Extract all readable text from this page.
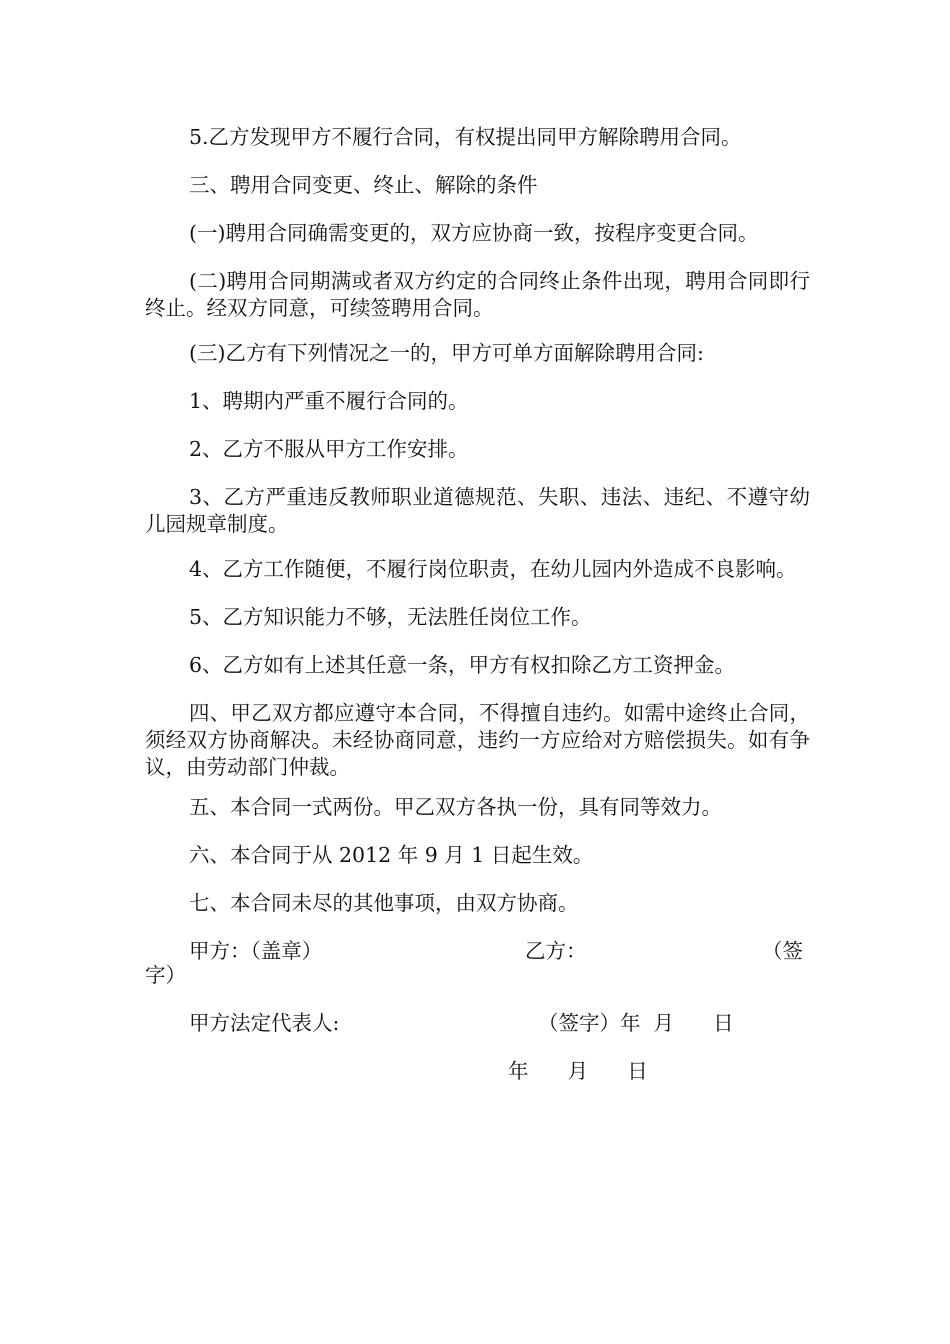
5.乙方发现甲方不履行合同，有权提出同甲方解除聘用合同。
三、聘用合同变更、终止、解除的条件
(一)聘用合同确需变更的，双方应协商一致，按程序变更合同。
(二)聘用合同期满或者双方约定的合同终止条件出现，聘用合同即行终止。经双方同意，可续签聘用合同。
(三)乙方有下列情况之一的，甲方可单方面解除聘用合同:
1、聘期内严重不履行合同的。
2、乙方不服从甲方工作安排。
3、乙方严重违反教师职业道德规范、失职、违法、违纪、不遵守幼儿园规章制度。
4、乙方工作随便，不履行岗位职责，在幼儿园内外造成不良影响。
5、乙方知识能力不够，无法胜任岗位工作。
6、乙方如有上述其任意一条，甲方有权扣除乙方工资押金。
四、甲乙双方都应遵守本合同，不得擅自违约。如需中途终止合同，须经双方协商解决。未经协商同意，违约一方应给对方赔偿损失。如有争议，由劳动部门仲裁。
五、本合同一式两份。甲乙双方各执一份，具有同等效力。
六、本合同于从 2012 年 9 月 1 日起生效。
七、本合同未尽的其他事项，由双方协商。
甲方：（盖章）	乙方：	（签
字）
甲方法定代表人:	（签字）年  月      日
年      月      日
